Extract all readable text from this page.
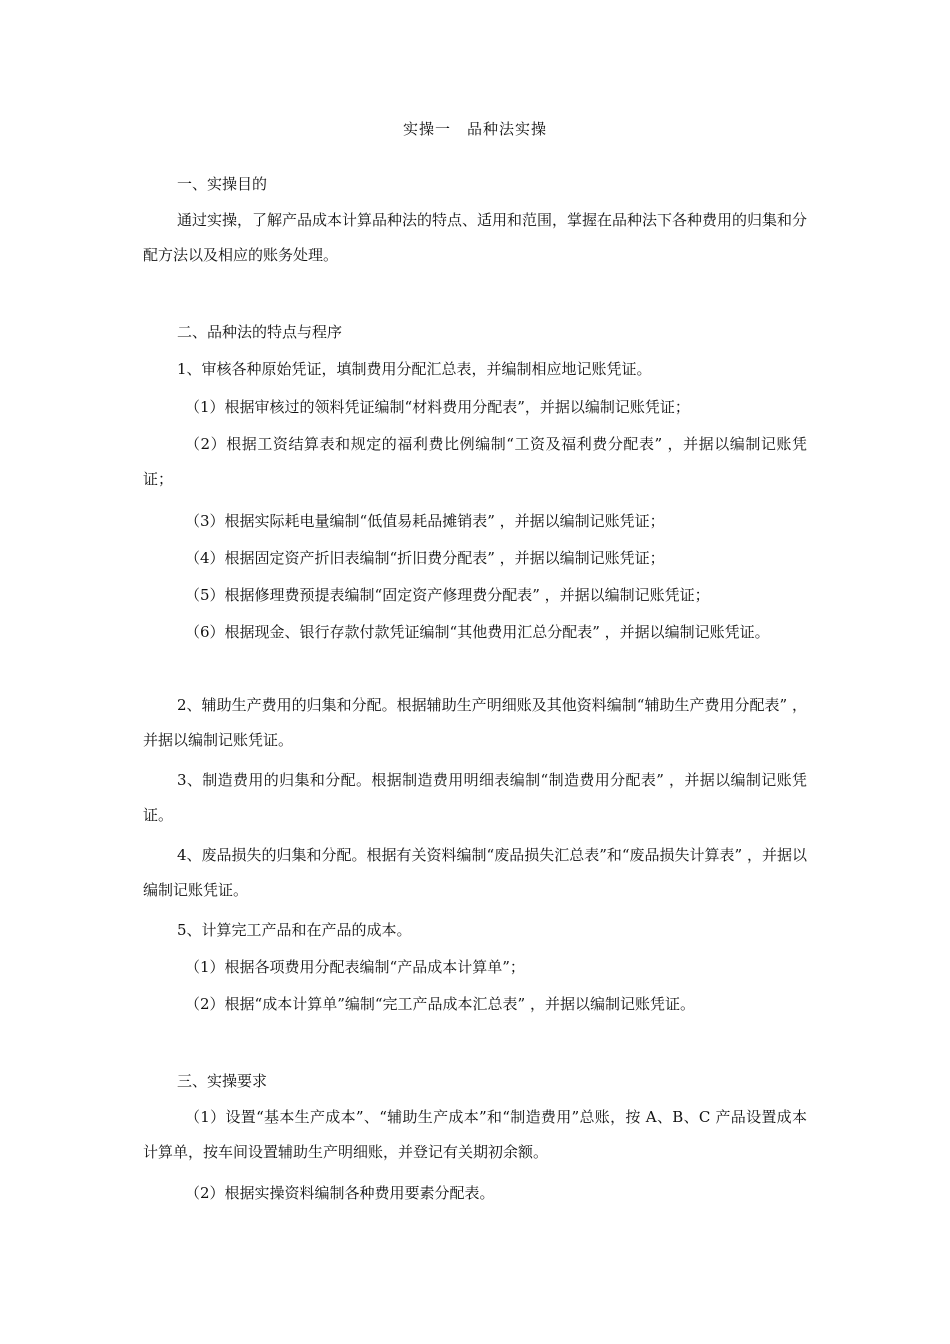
实操一　品种法实操
一、实操目的
通过实操，了解产品成本计算品种法的特点、适用和范围，掌握在品种法下各种费用的归集和分配方法以及相应的账务处理。
二、品种法的特点与程序
1、审核各种原始凭证，填制费用分配汇总表，并编制相应地记账凭证。
（1）根据审核过的领料凭证编制“材料费用分配表”，并据以编制记账凭证；
（2）根据工资结算表和规定的福利费比例编制“工资及福利费分配表” ，并据以编制记账凭证；
（3）根据实际耗电量编制“低值易耗品摊销表” ，并据以编制记账凭证；
（4）根据固定资产折旧表编制“折旧费分配表” ，并据以编制记账凭证；
（5）根据修理费预提表编制“固定资产修理费分配表” ，并据以编制记账凭证；
（6）根据现金、银行存款付款凭证编制“其他费用汇总分配表” ，并据以编制记账凭证。
2、辅助生产费用的归集和分配。根据辅助生产明细账及其他资料编制“辅助生产费用分配表” ，并据以编制记账凭证。
3、制造费用的归集和分配。根据制造费用明细表编制“制造费用分配表” ，并据以编制记账凭证。
4、废品损失的归集和分配。根据有关资料编制“废品损失汇总表”和“废品损失计算表” ，并据以编制记账凭证。
5、计算完工产品和在产品的成本。
（1）根据各项费用分配表编制“产品成本计算单”；
（2）根据“成本计算单”编制“完工产品成本汇总表” ，并据以编制记账凭证。
三、实操要求
（1）设置“基本生产成本”、“辅助生产成本”和“制造费用”总账，按 A、B、C 产品设置成本计算单，按车间设置辅助生产明细账，并登记有关期初余额。
（2）根据实操资料编制各种费用要素分配表。
